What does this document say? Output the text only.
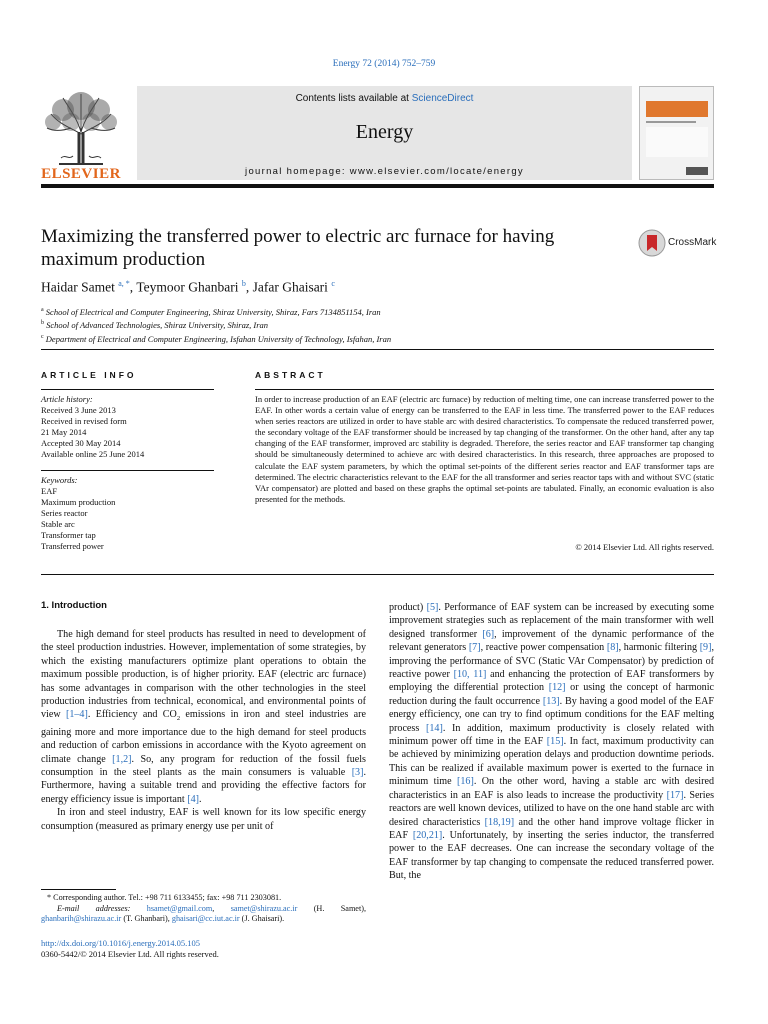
Energy 72 (2014) 752–759
ELSEVIER
Contents lists available at ScienceDirect
Energy
journal homepage: www.elsevier.com/locate/energy
Maximizing the transferred power to electric arc furnace for having maximum production
CrossMark
Haidar Samet $^{a, *}$, Teymoor Ghanbari $^b$, Jafar Ghaisari $^c$
$^a$ School of Electrical and Computer Engineering, Shiraz University, Shiraz, Fars 7134851154, Iran
$^b$ School of Advanced Technologies, Shiraz University, Shiraz, Iran
$^c$ Department of Electrical and Computer Engineering, Isfahan University of Technology, Isfahan, Iran
ARTICLE INFO
Article history:
Received 3 June 2013
Received in revised form
21 May 2014
Accepted 30 May 2014
Available online 25 June 2014
Keywords:
EAF
Maximum production
Series reactor
Stable arc
Transformer tap
Transferred power
ABSTRACT

In order to increase production of an EAF (electric arc furnace) by reduction of melting time, one can increase transferred power to the EAF. In other words a certain value of energy can be transferred to the EAF in less time. The transferred power to the EAF reduces when series reactors are utilized in order to have stable arc with desired characteristics. To compensate the reduced transferred power, the secondary voltage of the EAF transformer should be increased by tap changing of the transformer. On the other hand, after any tap changing of the EAF transformer, improved arc stability is degraded. Therefore, the series reactor and EAF transformer tap changing should be simultaneously determined to achieve arc with desired characteristics. In this research, three approaches are proposed to calculate the EAF system parameters, by which the optimal set-points of the different series reactor and EAF transformer taps are determined. The electric characteristics relevant to the EAF for the all transformer and series reactor taps with and without SVC (static VAr compensator) are plotted and based on these graphs the optimal set-points are tabulated. Finally, an economic evaluation is also presented for the methods.

© 2014 Elsevier Ltd. All rights reserved.
1. Introduction

The high demand for steel products has resulted in need to development of the steel production industries. However, implementation of some strategies, by which the existing manufacturers optimize plant operations to obtain the maximum possible production, is of higher priority. EAF (electric arc furnace) has some advantages in comparison with the other technologies in the steel production industries from technical, economical, and environmental points of view [1–4]. Efficiency and $CO_2$ emissions in iron and steel industries are gaining more and more importance due to the high demand for steel products and reduction of carbon emissions in accordance with the Kyoto agreement on climate change [1,2]. So, any program for reduction of the fossil fuels consumption in the steel plants as the main consumers is valuable [3]. Furthermore, having a suitable trend and providing the effective factors for energy efficiency issue is important [4].

In iron and steel industry, EAF is well known for its low specific energy consumption (measured as primary energy use per unit of

product) [5]. Performance of EAF system can be increased by executing some improvement strategies such as replacement of the main transformer with well designed transformer [6], improvement of the dynamic performance of the relevant generators [7], reactive power compensation [8], harmonic filtering [9], improving the performance of SVC (Static VAr Compensator) by prediction of reactive power [10, 11] and enhancing the protection of EAF transformers by employing the differential protection [12] or using the concept of harmonic reduction during the fault occurrence [13]. By having a good model of the EAF energy efficiency, one can try to find optimum conditions for the EAF melting process [14]. In addition, maximum productivity is closely related with minimum power off time in the EAF [15]. In fact, maximum productivity can be achieved by minimizing operation delays and production downtime periods. This can be realized if available maximum power is exerted to the furnace in minimum time [16]. On the other word, having a stable arc with desired characteristics in an EAF is also leads to increase the productivity [17]. Series reactors are well known devices, utilized to have on the one hand stable arc with desired characteristics [18,19] and the other hand improve voltage flicker in EAF [20,21]. Unfortunately, by inserting the series inductor, the transferred power to the EAF decreases. One can increase the secondary voltage of the EAF transformer by tap changing to compensate the reduced transferred power. But, the

* Corresponding author. Tel.: +98 711 6133455; fax: +98 711 2303081.
E-mail addresses: hsamet@gmail.com, samet@shirazu.ac.ir (H. Samet), ghanbarih@shirazu.ac.ir (T. Ghanbari), ghaisari@cc.iut.ac.ir (J. Ghaisari).
http://dx.doi.org/10.1016/j.energy.2014.05.105
0360-5442/© 2014 Elsevier Ltd. All rights reserved.
